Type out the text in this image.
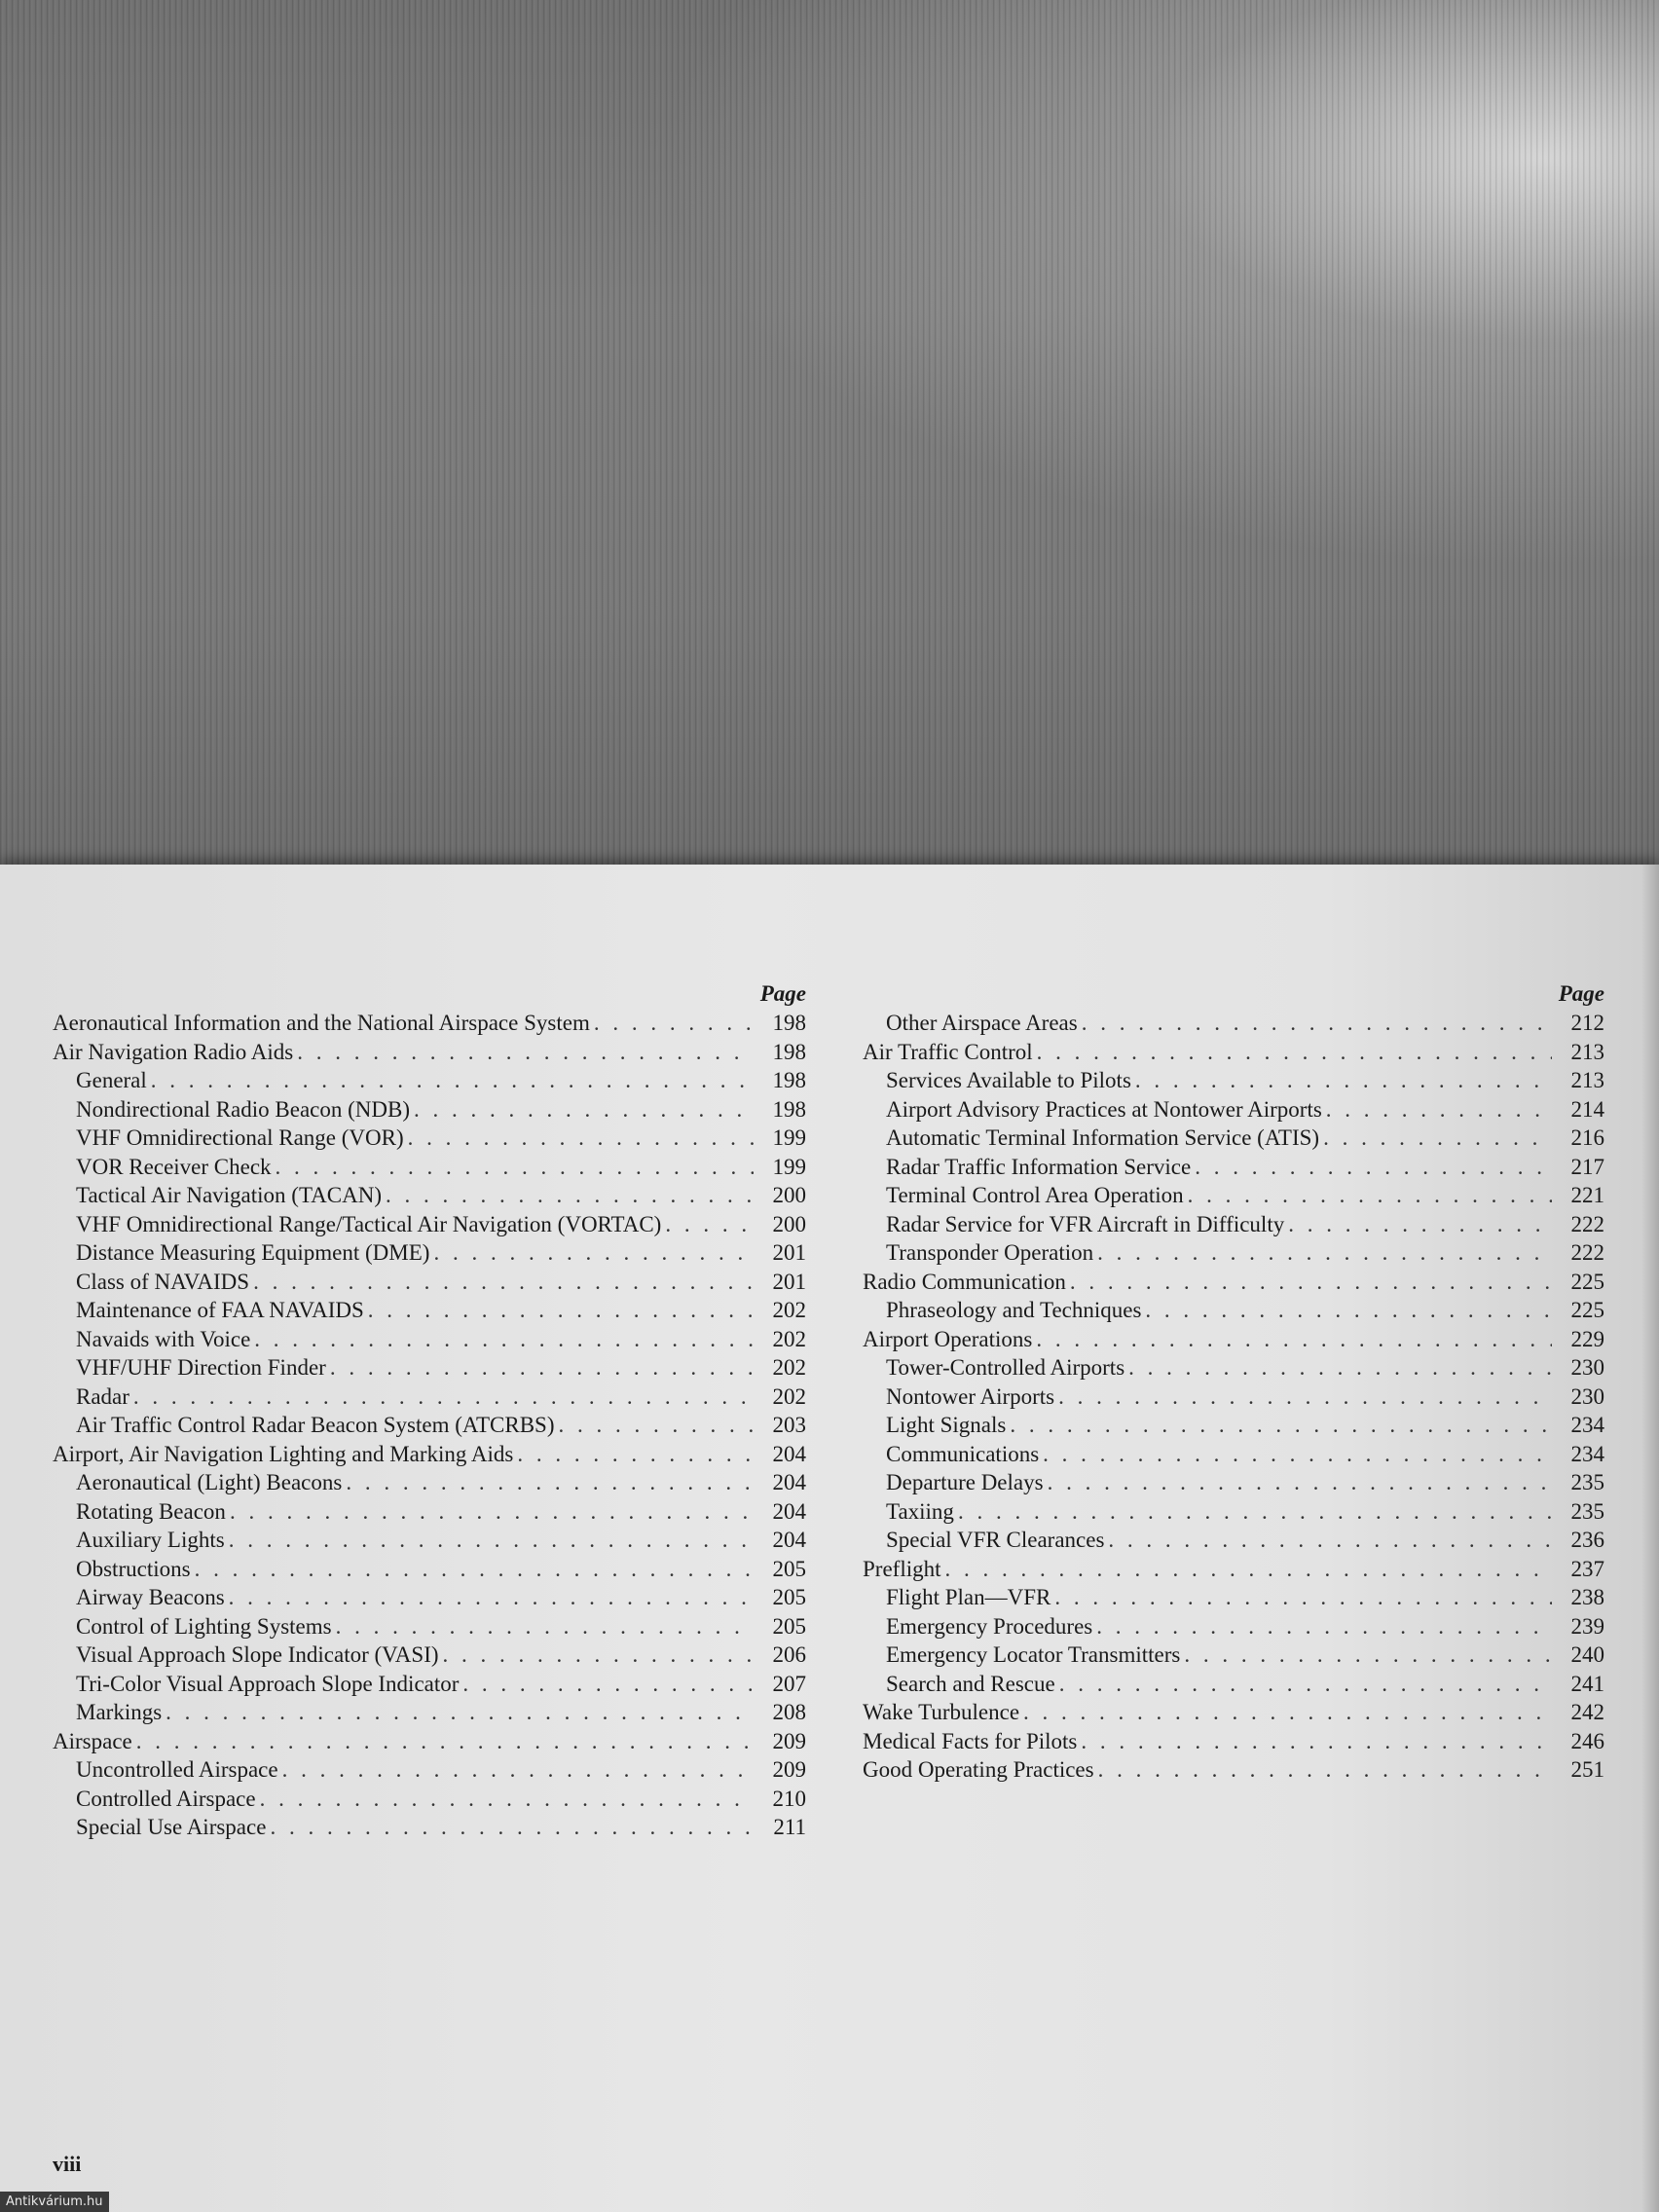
Page
Aeronautical Information and the National Airspace System . . .	198
Air Navigation Radio Aids . . .	198
General . . .	198
Nondirectional Radio Beacon (NDB) . . .	198
VHF Omnidirectional Range (VOR) . . .	199
VOR Receiver Check . . .	199
Tactical Air Navigation (TACAN) . . .	200
VHF Omnidirectional Range/Tactical Air Navigation (VORTAC) . . .	200
Distance Measuring Equipment (DME) . . .	201
Class of NAVAIDS . . .	201
Maintenance of FAA NAVAIDS . . .	202
Navaids with Voice . . .	202
VHF/UHF Direction Finder . . .	202
Radar . . .	202
Air Traffic Control Radar Beacon System (ATCRBS) . . .	203
Airport, Air Navigation Lighting and Marking Aids . . .	204
Aeronautical (Light) Beacons . . .	204
Rotating Beacon . . .	204
Auxiliary Lights . . .	204
Obstructions . . .	205
Airway Beacons . . .	205
Control of Lighting Systems . . .	205
Visual Approach Slope Indicator (VASI) . . .	206
Tri-Color Visual Approach Slope Indicator . . .	207
Markings . . .	208
Airspace . . .	209
Uncontrolled Airspace . . .	209
Controlled Airspace . . .	210
Special Use Airspace . . .	211
Page
Other Airspace Areas . . .	212
Air Traffic Control . . .	213
Services Available to Pilots . . .	213
Airport Advisory Practices at Nontower Airports . . .	214
Automatic Terminal Information Service (ATIS) . . .	216
Radar Traffic Information Service . . .	217
Terminal Control Area Operation . . .	221
Radar Service for VFR Aircraft in Difficulty . . .	222
Transponder Operation . . .	222
Radio Communication . . .	225
Phraseology and Techniques . . .	225
Airport Operations . . .	229
Tower-Controlled Airports . . .	230
Nontower Airports . . .	230
Light Signals . . .	234
Communications . . .	234
Departure Delays . . .	235
Taxiing . . .	235
Special VFR Clearances . . .	236
Preflight . . .	237
Flight Plan—VFR . . .	238
Emergency Procedures . . .	239
Emergency Locator Transmitters . . .	240
Search and Rescue . . .	241
Wake Turbulence . . .	242
Medical Facts for Pilots . . .	246
Good Operating Practices . . .	251
viii
Antikvárium.hu
